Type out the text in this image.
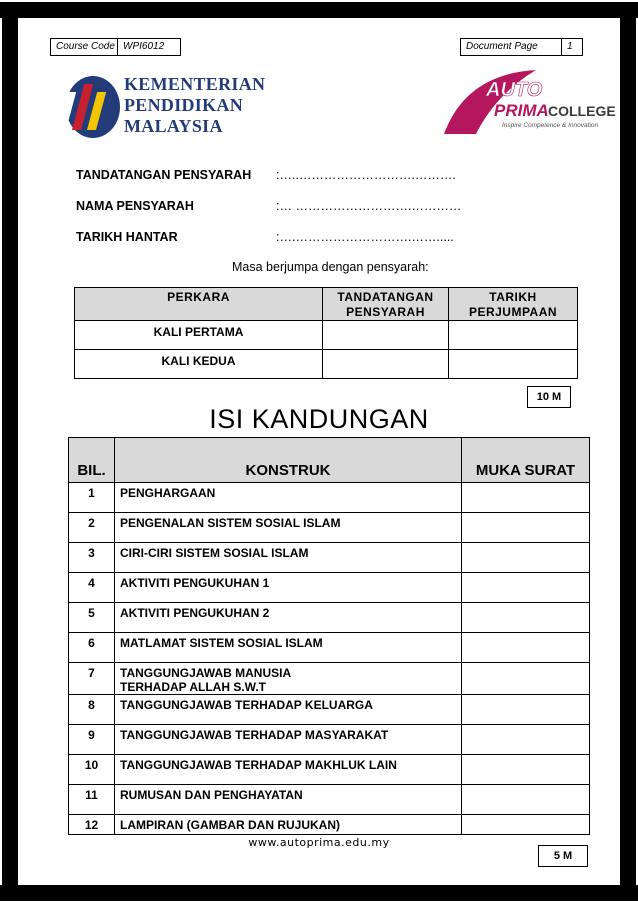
Course Code WPI6012	Document Page	1
KEMENTERIAN
PENDIDIKAN
MALAYSIA
AUTO
PRIMA COLLEGE
Inspire Competence & Innovation
TANDATANGAN PENSYARAH :…..……………………….……….
NAMA PENSYARAH	:… ……………………….…………
TARIKH HANTAR	:….……………………….…….....
Masa berjumpa dengan pensyarah:
PERKARA	TANDATANGAN PENSYARAH	TARIKH PERJUMPAAN
KALI PERTAMA		
KALI KEDUA		
10 M
ISI KANDUNGAN
BIL.	KONSTRUK	MUKA SURAT
1	PENGHARGAAN	
2	PENGENALAN SISTEM SOSIAL ISLAM	
3	CIRI-CIRI SISTEM SOSIAL ISLAM	
4	AKTIVITI PENGUKUHAN 1	
5	AKTIVITI PENGUKUHAN 2	
6	MATLAMAT SISTEM SOSIAL ISLAM	
7	TANGGUNGJAWAB MANUSIA TERHADAP ALLAH S.W.T	
8	TANGGUNGJAWAB TERHADAP KELUARGA	
9	TANGGUNGJAWAB TERHADAP MASYARAKAT	
10	TANGGUNGJAWAB TERHADAP MAKHLUK LAIN	
11	RUMUSAN DAN PENGHAYATAN	
12	LAMPIRAN (GAMBAR DAN RUJUKAN)	
www.autoprima.edu.my
5 M
